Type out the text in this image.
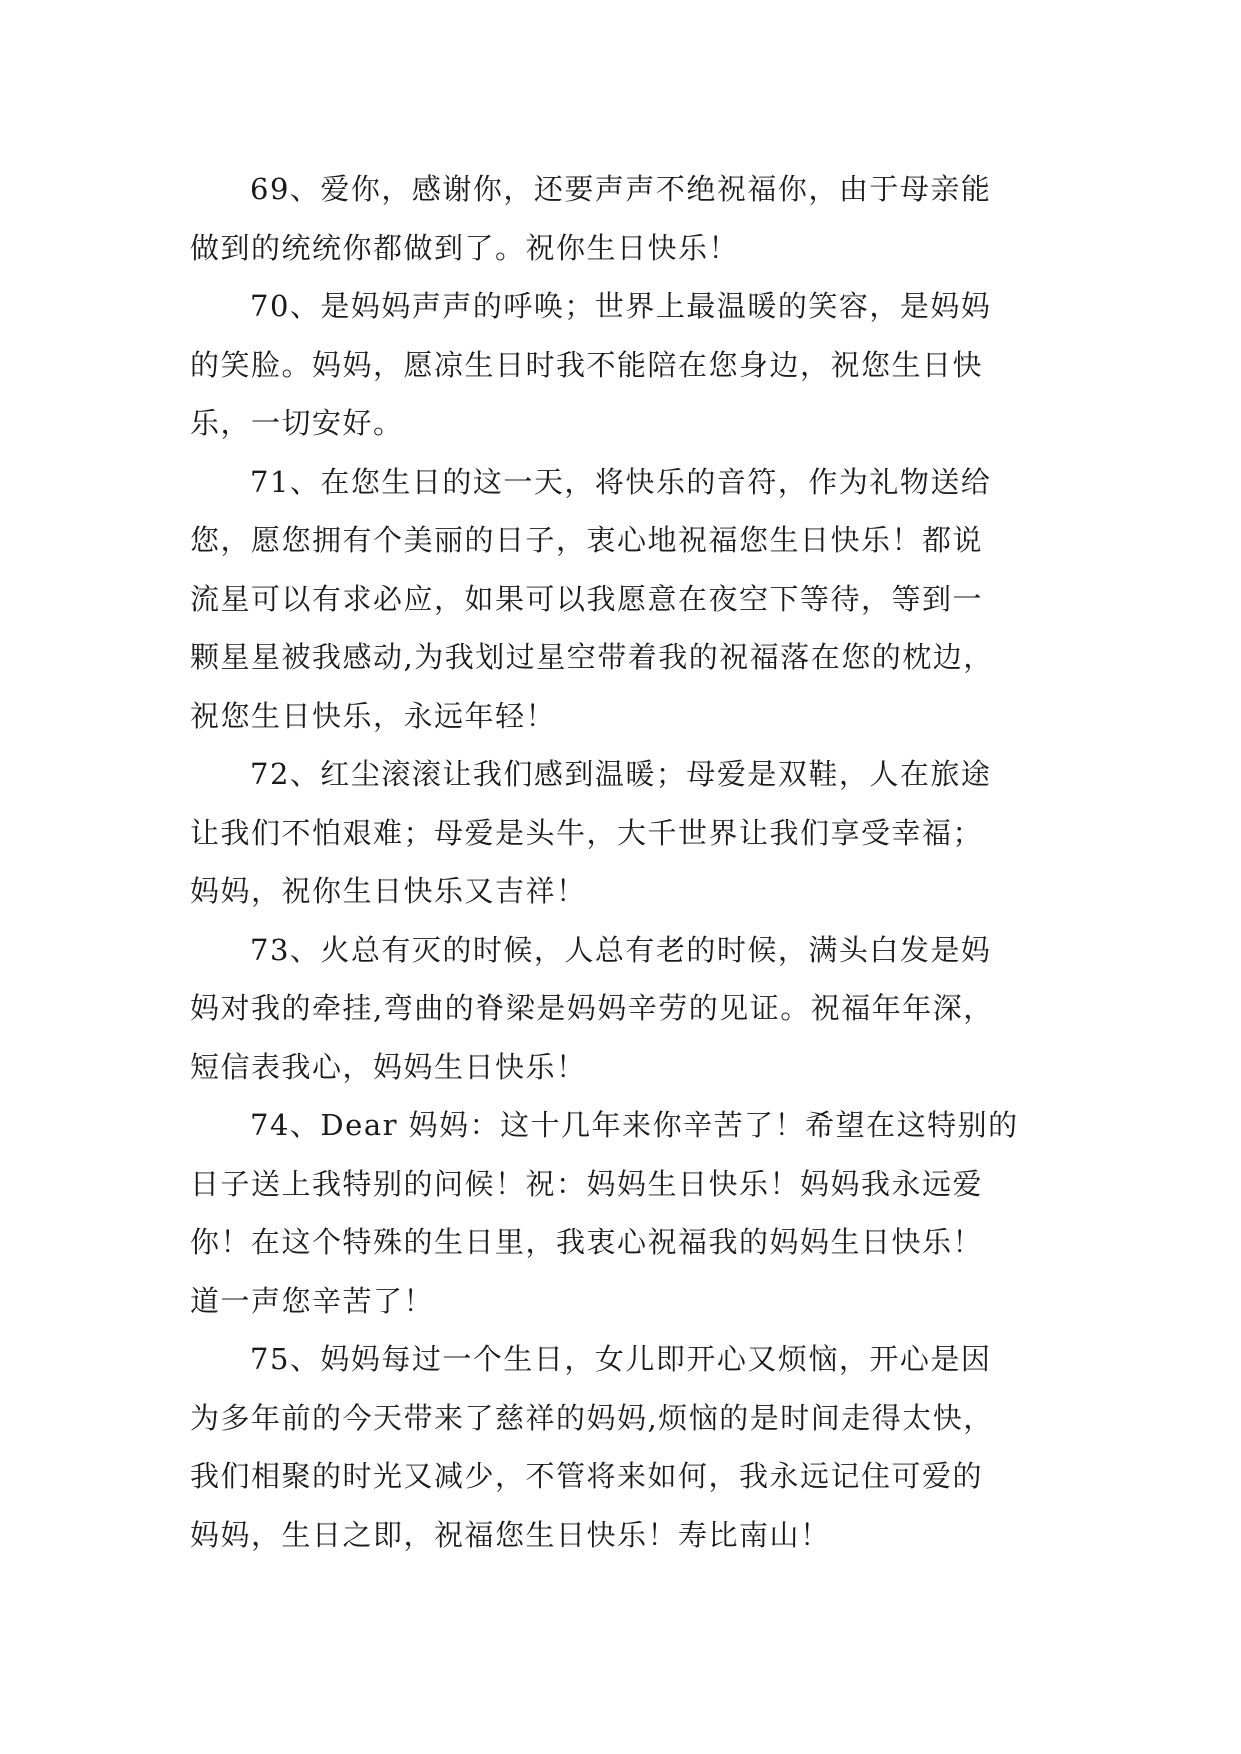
69、爱你，感谢你，还要声声不绝祝福你，由于母亲能
做到的统统你都做到了。祝你生日快乐！

70、是妈妈声声的呼唤；世界上最温暖的笑容，是妈妈
的笑脸。妈妈，愿凉生日时我不能陪在您身边，祝您生日快
乐，一切安好。

71、在您生日的这一天，将快乐的音符，作为礼物送给
您，愿您拥有个美丽的日子，衷心地祝福您生日快乐！都说
流星可以有求必应，如果可以我愿意在夜空下等待，等到一
颗星星被我感动,为我划过星空带着我的祝福落在您的枕边，
祝您生日快乐，永远年轻！

72、红尘滚滚让我们感到温暖；母爱是双鞋，人在旅途
让我们不怕艰难；母爱是头牛，大千世界让我们享受幸福；
妈妈，祝你生日快乐又吉祥！

73、火总有灭的时候，人总有老的时候，满头白发是妈
妈对我的牵挂,弯曲的脊梁是妈妈辛劳的见证。祝福年年深，
短信表我心，妈妈生日快乐！

74、Dear 妈妈：这十几年来你辛苦了！希望在这特别的
日子送上我特别的问候！祝：妈妈生日快乐！妈妈我永远爱
你！在这个特殊的生日里，我衷心祝福我的妈妈生日快乐！
道一声您辛苦了！

75、妈妈每过一个生日，女儿即开心又烦恼，开心是因
为多年前的今天带来了慈祥的妈妈,烦恼的是时间走得太快，
我们相聚的时光又减少，不管将来如何，我永远记住可爱的
妈妈，生日之即，祝福您生日快乐！寿比南山！
